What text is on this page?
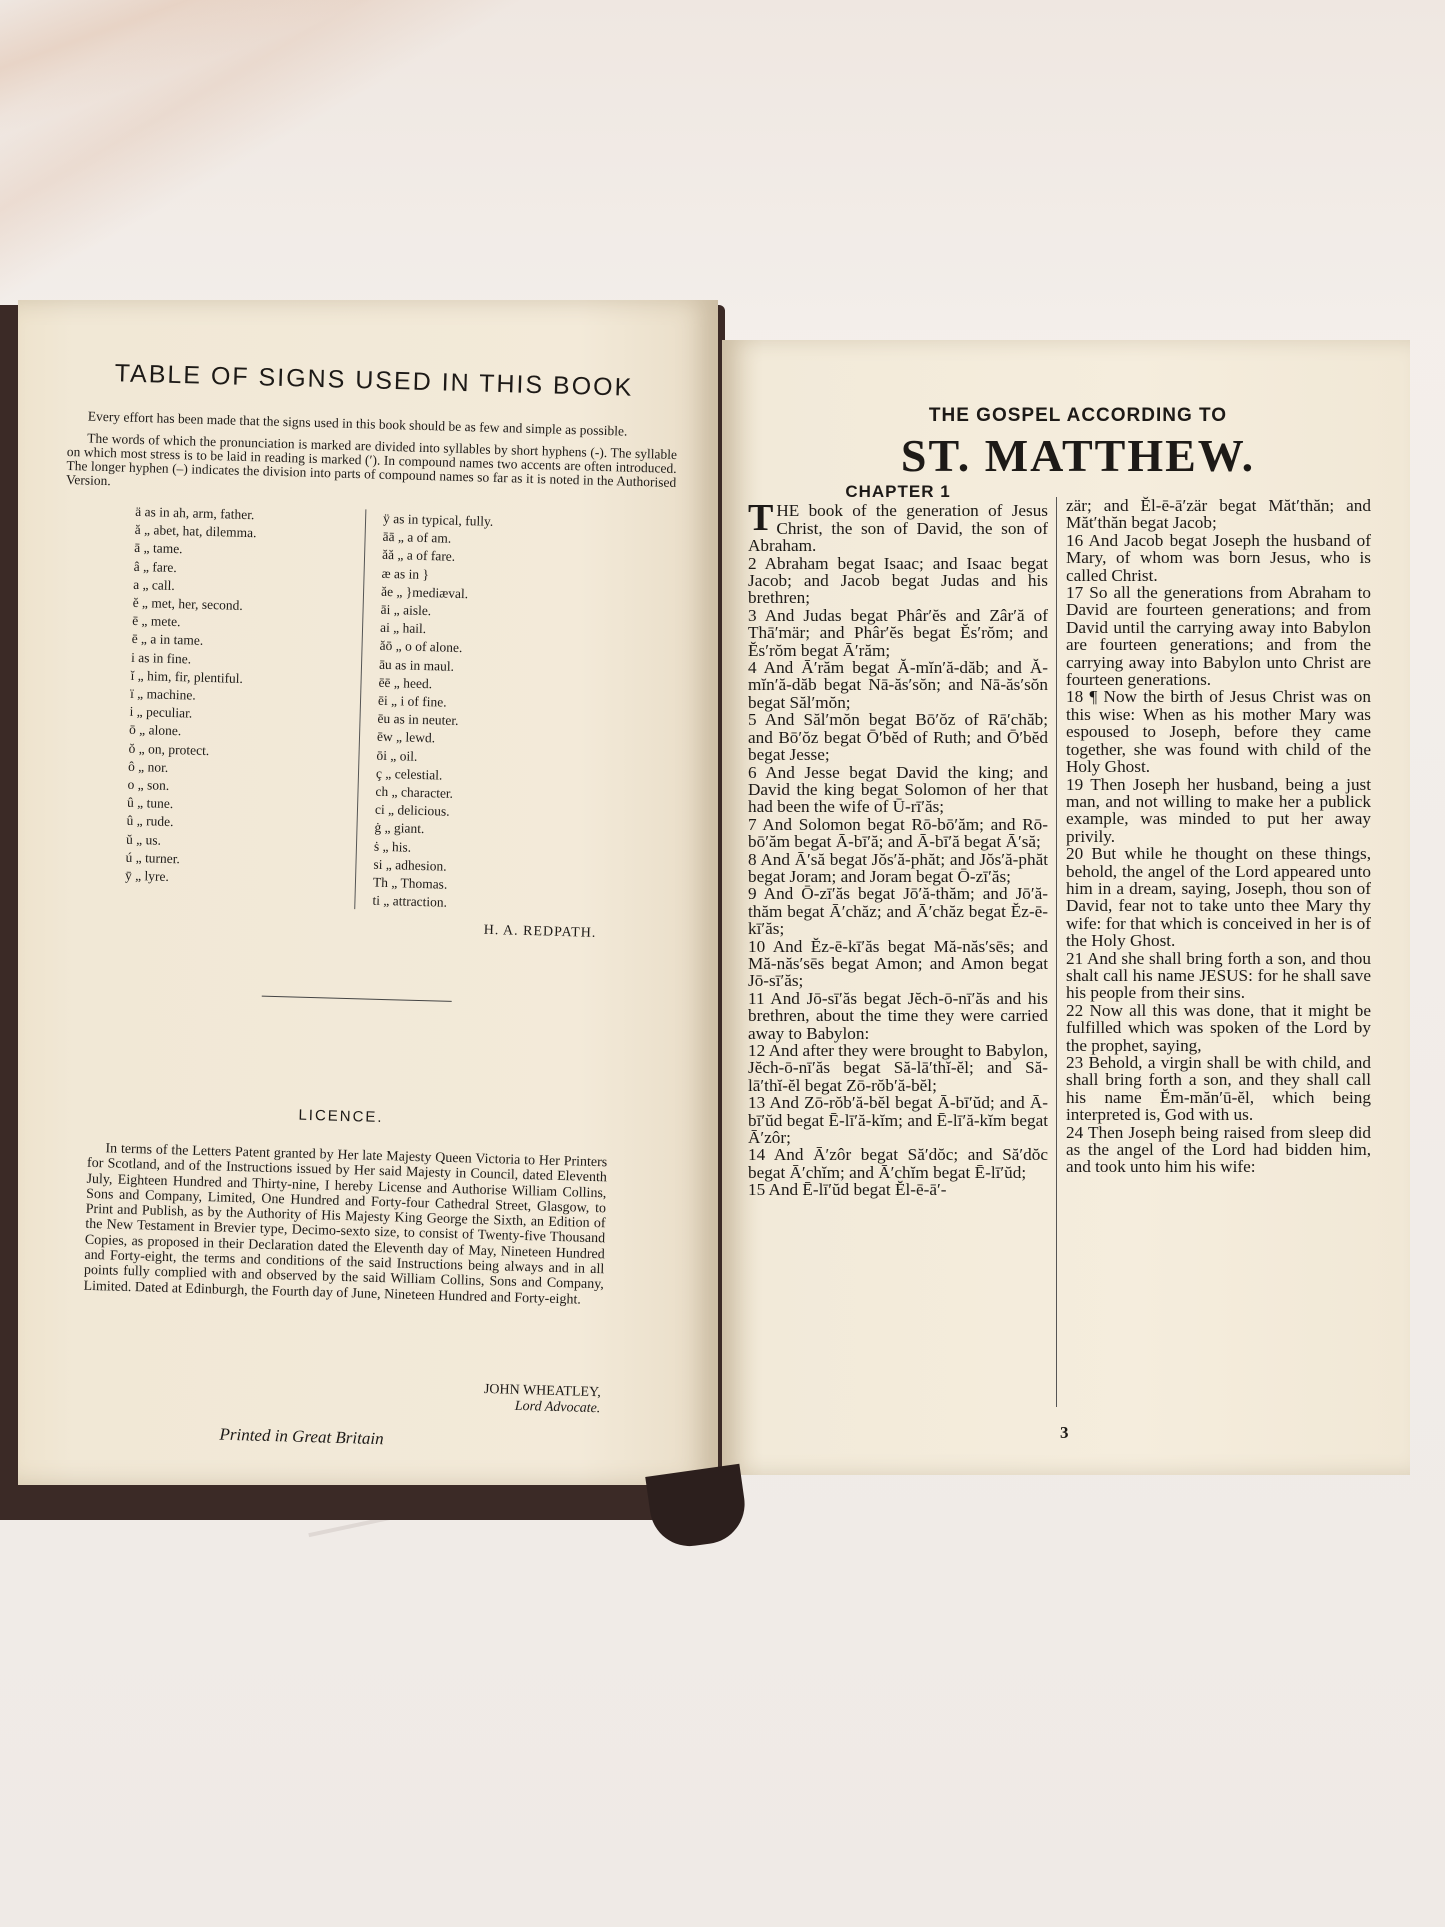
TABLE OF SIGNS USED IN THIS BOOK

Every effort has been made that the signs used in this book should be as few and simple as possible.

The words of which the pronunciation is marked are divided into syllables by short hyphens (-). The syllable on which most stress is to be laid in reading is marked (′). In compound names two accents are often introduced. The longer hyphen (–) indicates the division into parts of compound names so far as it is noted in the Authorised Version.

ä as in ah, arm, father.
ă „ abet, hat, dilemma.
ā „ tame.
â „ fare.
a „ call.
ĕ „ met, her, second.
ē „ mete.
ē „ a in tame.
i as in fine.
ĭ „ him, fir, plentiful.
ï „ machine.
i „ peculiar.
ō „ alone.
ŏ „ on, protect.
ô „ nor.
o „ son.
û „ tune.
û „ rude.
ŭ „ us.
ú „ turner.
ȳ „ lyre.
ÿ as in typical, fully.
āā „ a of am.
ăă „ a of fare.
æ as in }
ăe „ }mediæval.
āi „ aisle.
ai „ hail.
ăō „ o of alone.
āu as in maul.
ēē „ heed.
ēi „ i of fine.
ēu as in neuter.
ēw „ lewd.
ōi „ oil.
ç „ celestial.
ch „ character.
ci „ delicious.
ġ „ giant.
ṡ „ his.
si „ adhesion.
Th „ Thomas.
ti „ attraction.
H. A. REDPATH.
LICENCE.
In terms of the Letters Patent granted by Her late Majesty Queen Victoria to Her Printers for Scotland, and of the Instructions issued by Her said Majesty in Council, dated Eleventh July, Eighteen Hundred and Thirty-nine, I hereby License and Authorise William Collins, Sons and Company, Limited, One Hundred and Forty-four Cathedral Street, Glasgow, to Print and Publish, as by the Authority of His Majesty King George the Sixth, an Edition of the New Testament in Brevier type, Decimo-sexto size, to consist of Twenty-five Thousand Copies, as proposed in their Declaration dated the Eleventh day of May, Nineteen Hundred and Forty-eight, the terms and conditions of the said Instructions being always and in all points fully complied with and observed by the said William Collins, Sons and Company, Limited. Dated at Edinburgh, the Fourth day of June, Nineteen Hundred and Forty-eight.
JOHN WHEATLEY,
Lord Advocate.
Printed in Great Britain
THE GOSPEL ACCORDING TO
ST. MATTHEW.
CHAPTER 1

THE book of the generation of Jesus Christ, the son of David, the son of Abraham.

2 Abraham begat Isaac; and Isaac begat Jacob; and Jacob begat Judas and his brethren;

3 And Judas begat Phâr′ĕs and Zâr′ă of Thā′mär; and Phâr′ĕs begat Ĕs′rŏm; and Ĕs′rŏm begat Ā′răm;

4 And Ā′răm begat Ă-mĭn′ă-dăb; and Ă-mĭn′ă-dăb begat Nā-ăs′sŏn; and Nā-ăs′sŏn begat Săl′mŏn;

5 And Săl′mŏn begat Bō′ŏz of Rā′chăb; and Bō′ŏz begat Ō′bĕd of Ruth; and Ō′bĕd begat Jesse;

6 And Jesse begat David the king; and David the king begat Solomon of her that had been the wife of Ū-rī′ăs;

7 And Solomon begat Rō-bō′ăm; and Rō-bō′ăm begat Ā-bī′ă; and Ā-bī′ă begat Ā′să;

8 And Ā′să begat Jŏs′ă-phăt; and Jŏs′ă-phăt begat Joram; and Joram begat Ō-zī′ăs;

9 And Ō-zī′ăs begat Jō′ă-thăm; and Jō′ă-thăm begat Ā′chăz; and Ā′chăz begat Ĕz-ē-kī′ăs;

10 And Ĕz-ē-kī′ăs begat Mă-năs′sēs; and Mă-năs′sēs begat Amon; and Amon begat Jō-sī′ăs;

11 And Jō-sī′ăs begat Jĕch-ō-nī′ăs and his brethren, about the time they were carried away to Babylon:

12 And after they were brought to Babylon, Jĕch-ō-nī′ăs begat Să-lā′thĭ-ĕl; and Să-lā′thĭ-ĕl begat Zō-rŏb′ă-bĕl;

13 And Zō-rŏb′ă-bĕl begat Ā-bī′ŭd; and Ā-bī′ŭd begat Ē-lī′ă-kĭm; and Ē-lī′ă-kĭm begat Ā′zôr;

14 And Ā′zôr begat Să′dŏc; and Să′dŏc begat Ā′chĭm; and Ā′chĭm begat Ē-lī′ŭd;

15 And Ē-lī′ŭd begat Ĕl-ē-ā′-

zär; and Ĕl-ē-ā′zär begat Măt′thăn; and Măt′thăn begat Jacob;

16 And Jacob begat Joseph the husband of Mary, of whom was born Jesus, who is called Christ.

17 So all the generations from Abraham to David are fourteen generations; and from David until the carrying away into Babylon are fourteen generations; and from the carrying away into Babylon unto Christ are fourteen generations.

18 ¶ Now the birth of Jesus Christ was on this wise: When as his mother Mary was espoused to Joseph, before they came together, she was found with child of the Holy Ghost.

19 Then Joseph her husband, being a just man, and not willing to make her a publick example, was minded to put her away privily.

20 But while he thought on these things, behold, the angel of the Lord appeared unto him in a dream, saying, Joseph, thou son of David, fear not to take unto thee Mary thy wife: for that which is conceived in her is of the Holy Ghost.

21 And she shall bring forth a son, and thou shalt call his name JESUS: for he shall save his people from their sins.

22 Now all this was done, that it might be fulfilled which was spoken of the Lord by the prophet, saying,

23 Behold, a virgin shall be with child, and shall bring forth a son, and they shall call his name Ĕm-măn′ū-ĕl, which being interpreted is, God with us.

24 Then Joseph being raised from sleep did as the angel of the Lord had bidden him, and took unto him his wife:

3
